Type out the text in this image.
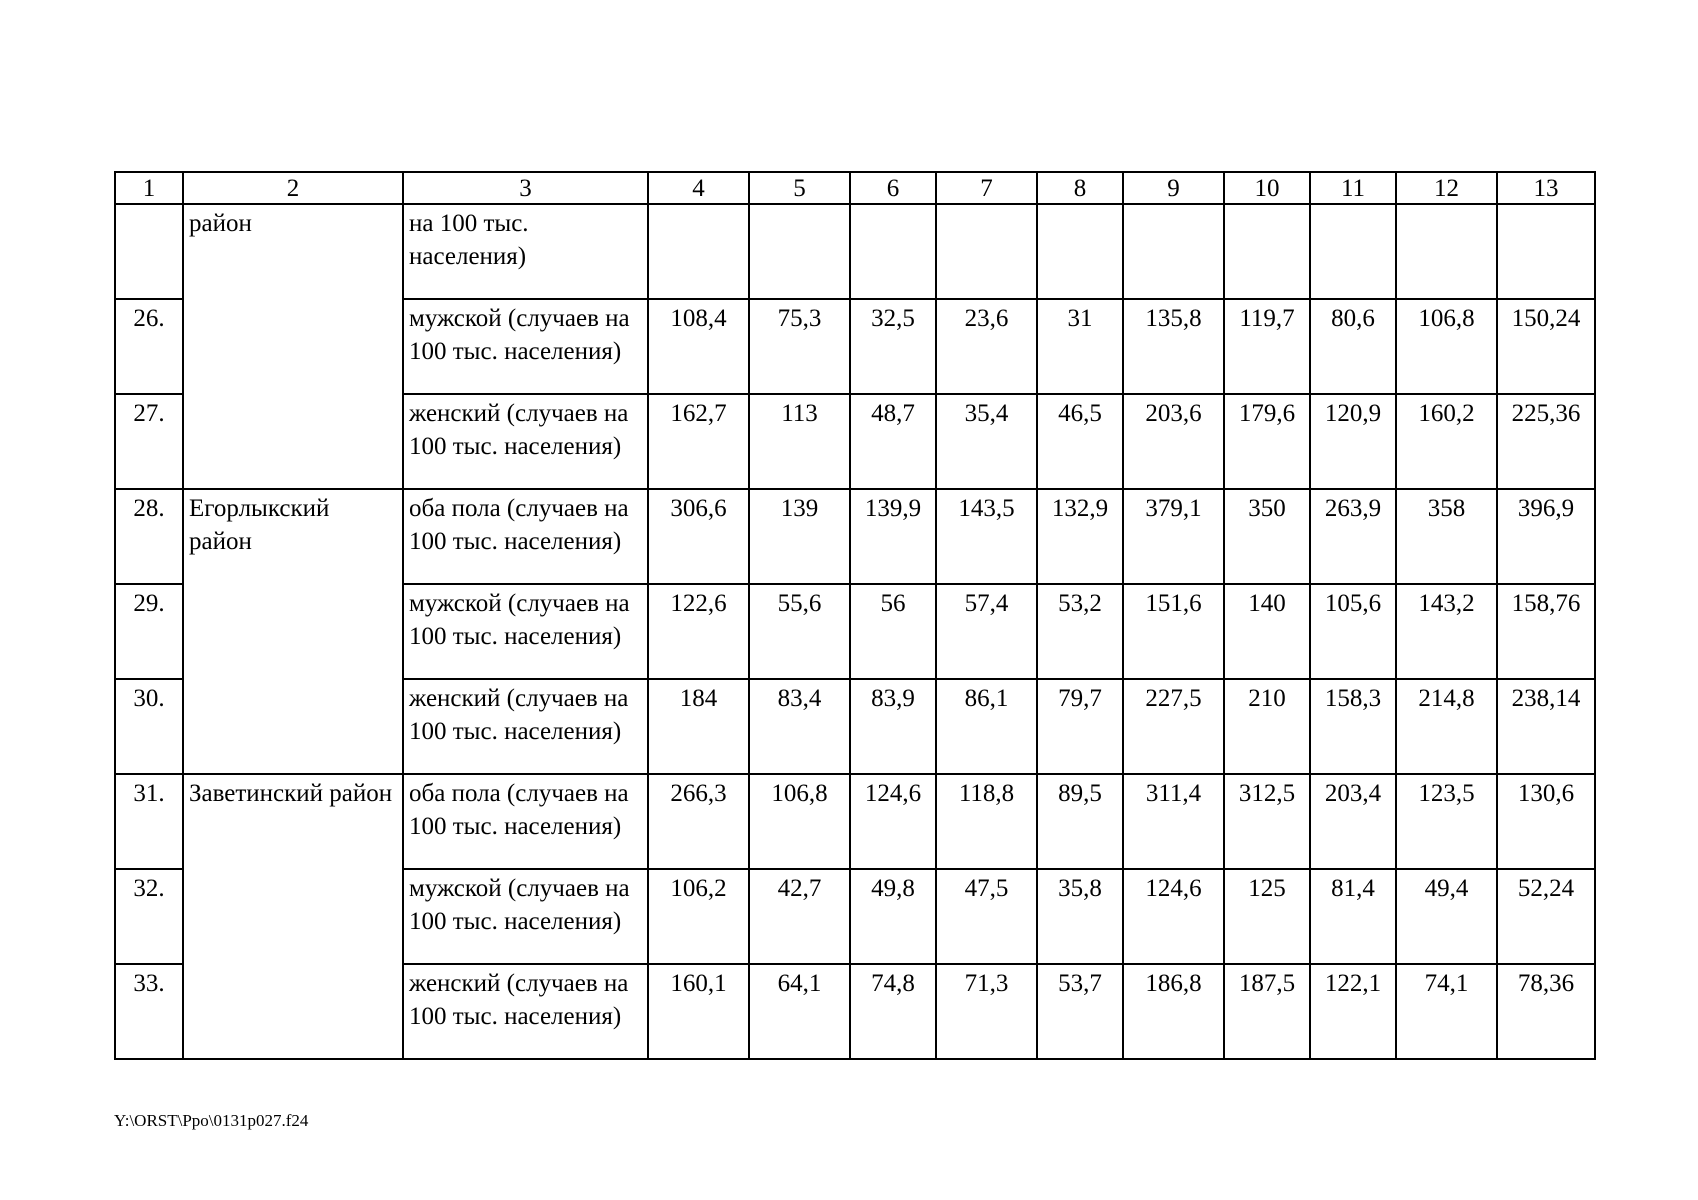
1	2	3	4	5	6	7	8	9	10	11	12	13
	район	на 100 тыс. населения)										
26.		мужской (случаев на 100 тыс. населения)	108,4	75,3	32,5	23,6	31	135,8	119,7	80,6	106,8	150,24
27.		женский (случаев на 100 тыс. населения)	162,7	113	48,7	35,4	46,5	203,6	179,6	120,9	160,2	225,36
28.	Егорлыкский район	оба пола (случаев на 100 тыс. населения)	306,6	139	139,9	143,5	132,9	379,1	350	263,9	358	396,9
29.		мужской (случаев на 100 тыс. населения)	122,6	55,6	56	57,4	53,2	151,6	140	105,6	143,2	158,76
30.		женский (случаев на 100 тыс. населения)	184	83,4	83,9	86,1	79,7	227,5	210	158,3	214,8	238,14
31.	Заветинский район	оба пола (случаев на 100 тыс. населения)	266,3	106,8	124,6	118,8	89,5	311,4	312,5	203,4	123,5	130,6
32.		мужской (случаев на 100 тыс. населения)	106,2	42,7	49,8	47,5	35,8	124,6	125	81,4	49,4	52,24
33.		женский (случаев на 100 тыс. населения)	160,1	64,1	74,8	71,3	53,7	186,8	187,5	122,1	74,1	78,36
Y:\ORST\Ppo\0131p027.f24
